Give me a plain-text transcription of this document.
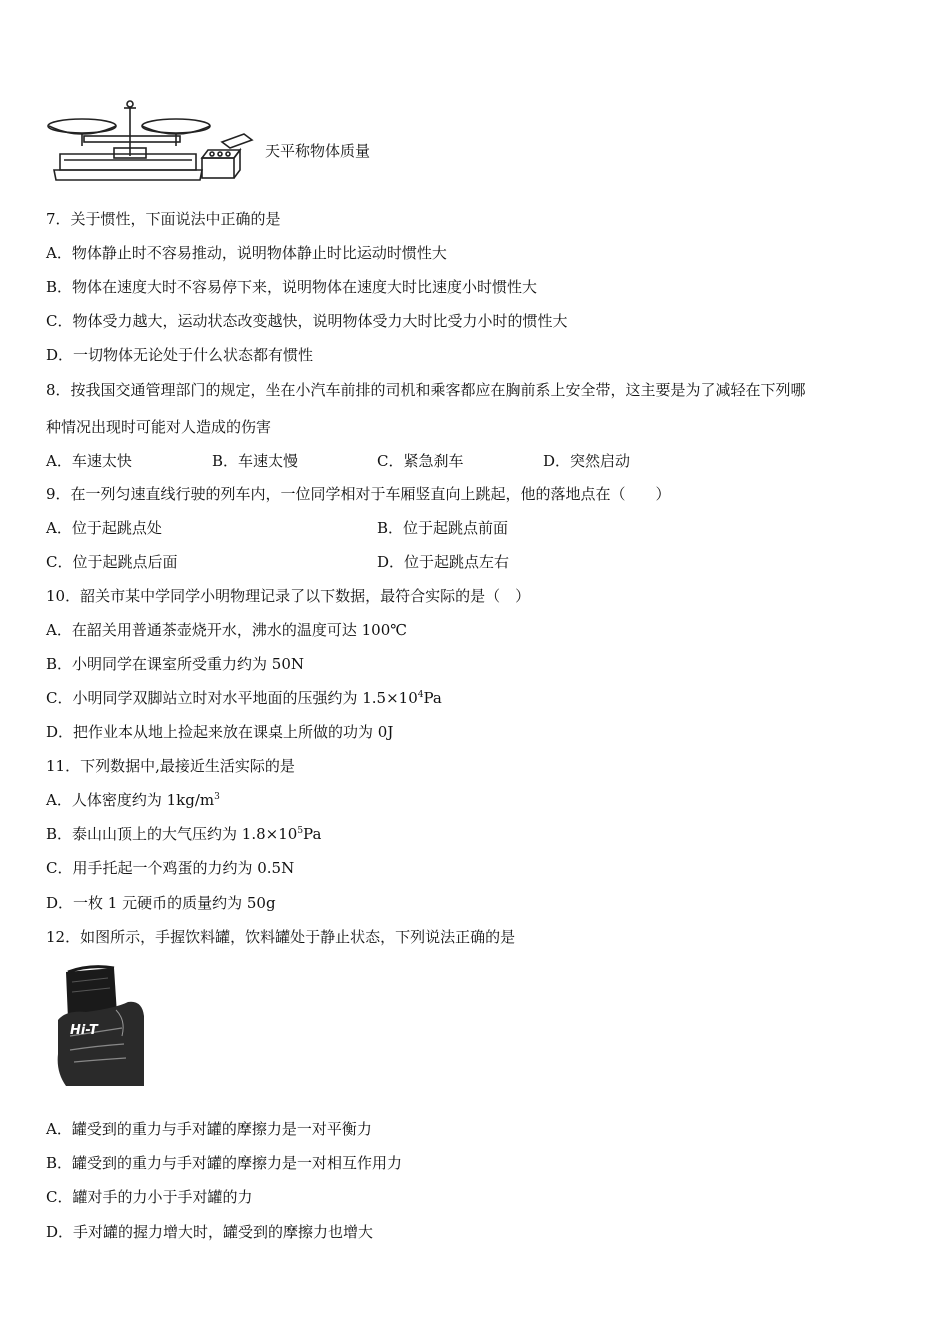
天平称物体质量
7．关于惯性，下面说法中正确的是
A．物体静止时不容易推动，说明物体静止时比运动时惯性大
B．物体在速度大时不容易停下来，说明物体在速度大时比速度小时惯性大
C．物体受力越大，运动状态改变越快，说明物体受力大时比受力小时的惯性大
D．一切物体无论处于什么状态都有惯性
8．按我国交通管理部门的规定，坐在小汽车前排的司机和乘客都应在胸前系上安全带，这主要是为了减轻在下列哪
种情况出现时可能对人造成的伤害
A．车速太快	B．车速太慢	C．紧急刹车	D．突然启动
9．在一列匀速直线行驶的列车内，一位同学相对于车厢竖直向上跳起，他的落地点在（　　）
A．位于起跳点处	B．位于起跳点前面
C．位于起跳点后面	D．位于起跳点左右
10．韶关市某中学同学小明物理记录了以下数据，最符合实际的是（　）
A．在韶关用普通茶壶烧开水，沸水的温度可达 100℃
B．小明同学在课室所受重力约为 50N
C．小明同学双脚站立时对水平地面的压强约为 $1.5\times 10^4Pa$
D．把作业本从地上捡起来放在课桌上所做的功为 0J
11．下列数据中,最接近生活实际的是
A．人体密度约为 $1kg/m^3$
B．泰山山顶上的大气压约为 $1.8\times 10^5Pa$
C．用手托起一个鸡蛋的力约为 0.5N
D．一枚 1 元硬币的质量约为 50g
12．如图所示，手握饮料罐，饮料罐处于静止状态，下列说法正确的是
Hi-T
A．罐受到的重力与手对罐的摩擦力是一对平衡力
B．罐受到的重力与手对罐的摩擦力是一对相互作用力
C．罐对手的力小于手对罐的力
D．手对罐的握力增大时，罐受到的摩擦力也增大
